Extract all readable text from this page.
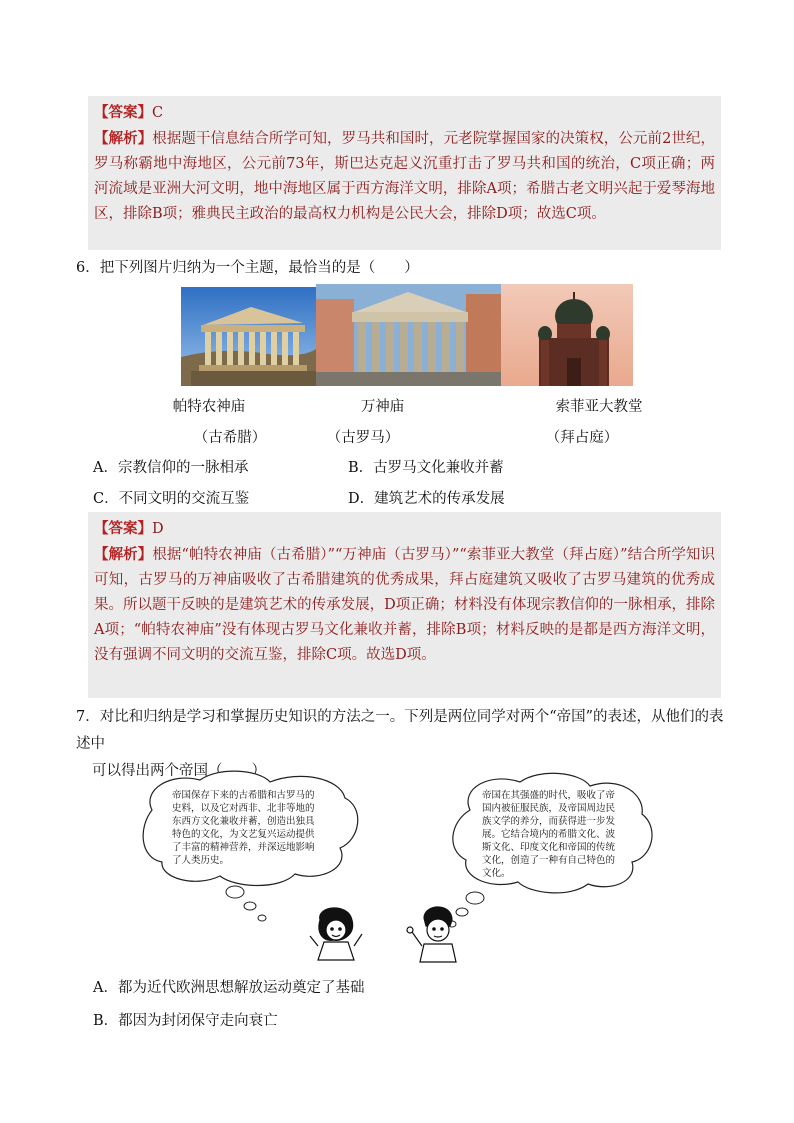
【答案】C

【解析】根据题干信息结合所学可知，罗马共和国时，元老院掌握国家的决策权，公元前2世纪，罗马称霸地中海地区，公元前73年，斯巴达克起义沉重打击了罗马共和国的统治，C项正确；两河流域是亚洲大河文明，地中海地区属于西方海洋文明，排除A项；希腊古老文明兴起于爱琴海地区，排除B项；雅典民主政治的最高权力机构是公民大会，排除D项；故选C项。

6．把下列图片归纳为一个主题，最恰当的是（　　）

帕特农神庙	万神庙	索菲亚大教堂
（古希腊）	（古罗马）	（拜占庭）
A．宗教信仰的一脉相承	B．古罗马文化兼收并蓄
C．不同文明的交流互鉴	D．建筑艺术的传承发展

【答案】D

【解析】根据“帕特农神庙（古希腊）”“万神庙（古罗马）”“索菲亚大教堂（拜占庭）”结合所学知识可知，古罗马的万神庙吸收了古希腊建筑的优秀成果，拜占庭建筑又吸收了古罗马建筑的优秀成果。所以题干反映的是建筑艺术的传承发展，D项正确；材料没有体现宗教信仰的一脉相承，排除A项；“帕特农神庙”没有体现古罗马文化兼收并蓄，排除B项；材料反映的是都是西方海洋文明，没有强调不同文明的交流互鉴，排除C项。故选D项。

7．对比和归纳是学习和掌握历史知识的方法之一。下列是两位同学对两个“帝国”的表述，从他们的表述中

可以得出两个帝国（　　）

帝国保存下来的古希腊和古罗马的
史料，以及它对西非、北非等地的
东西方文化兼收并蓄，创造出独具
特色的文化，为文艺复兴运动提供
了丰富的精神营养，并深远地影响
了人类历史。
帝国在其强盛的时代，吸收了帝
国内被征服民族，及帝国周边民
族文学的养分，而获得进一步发
展。它结合境内的希腊文化、波
斯文化、印度文化和帝国的传统
文化，创造了一种有自己特色的
文化。
A．都为近代欧洲思想解放运动奠定了基础
B．都因为封闭保守走向衰亡
